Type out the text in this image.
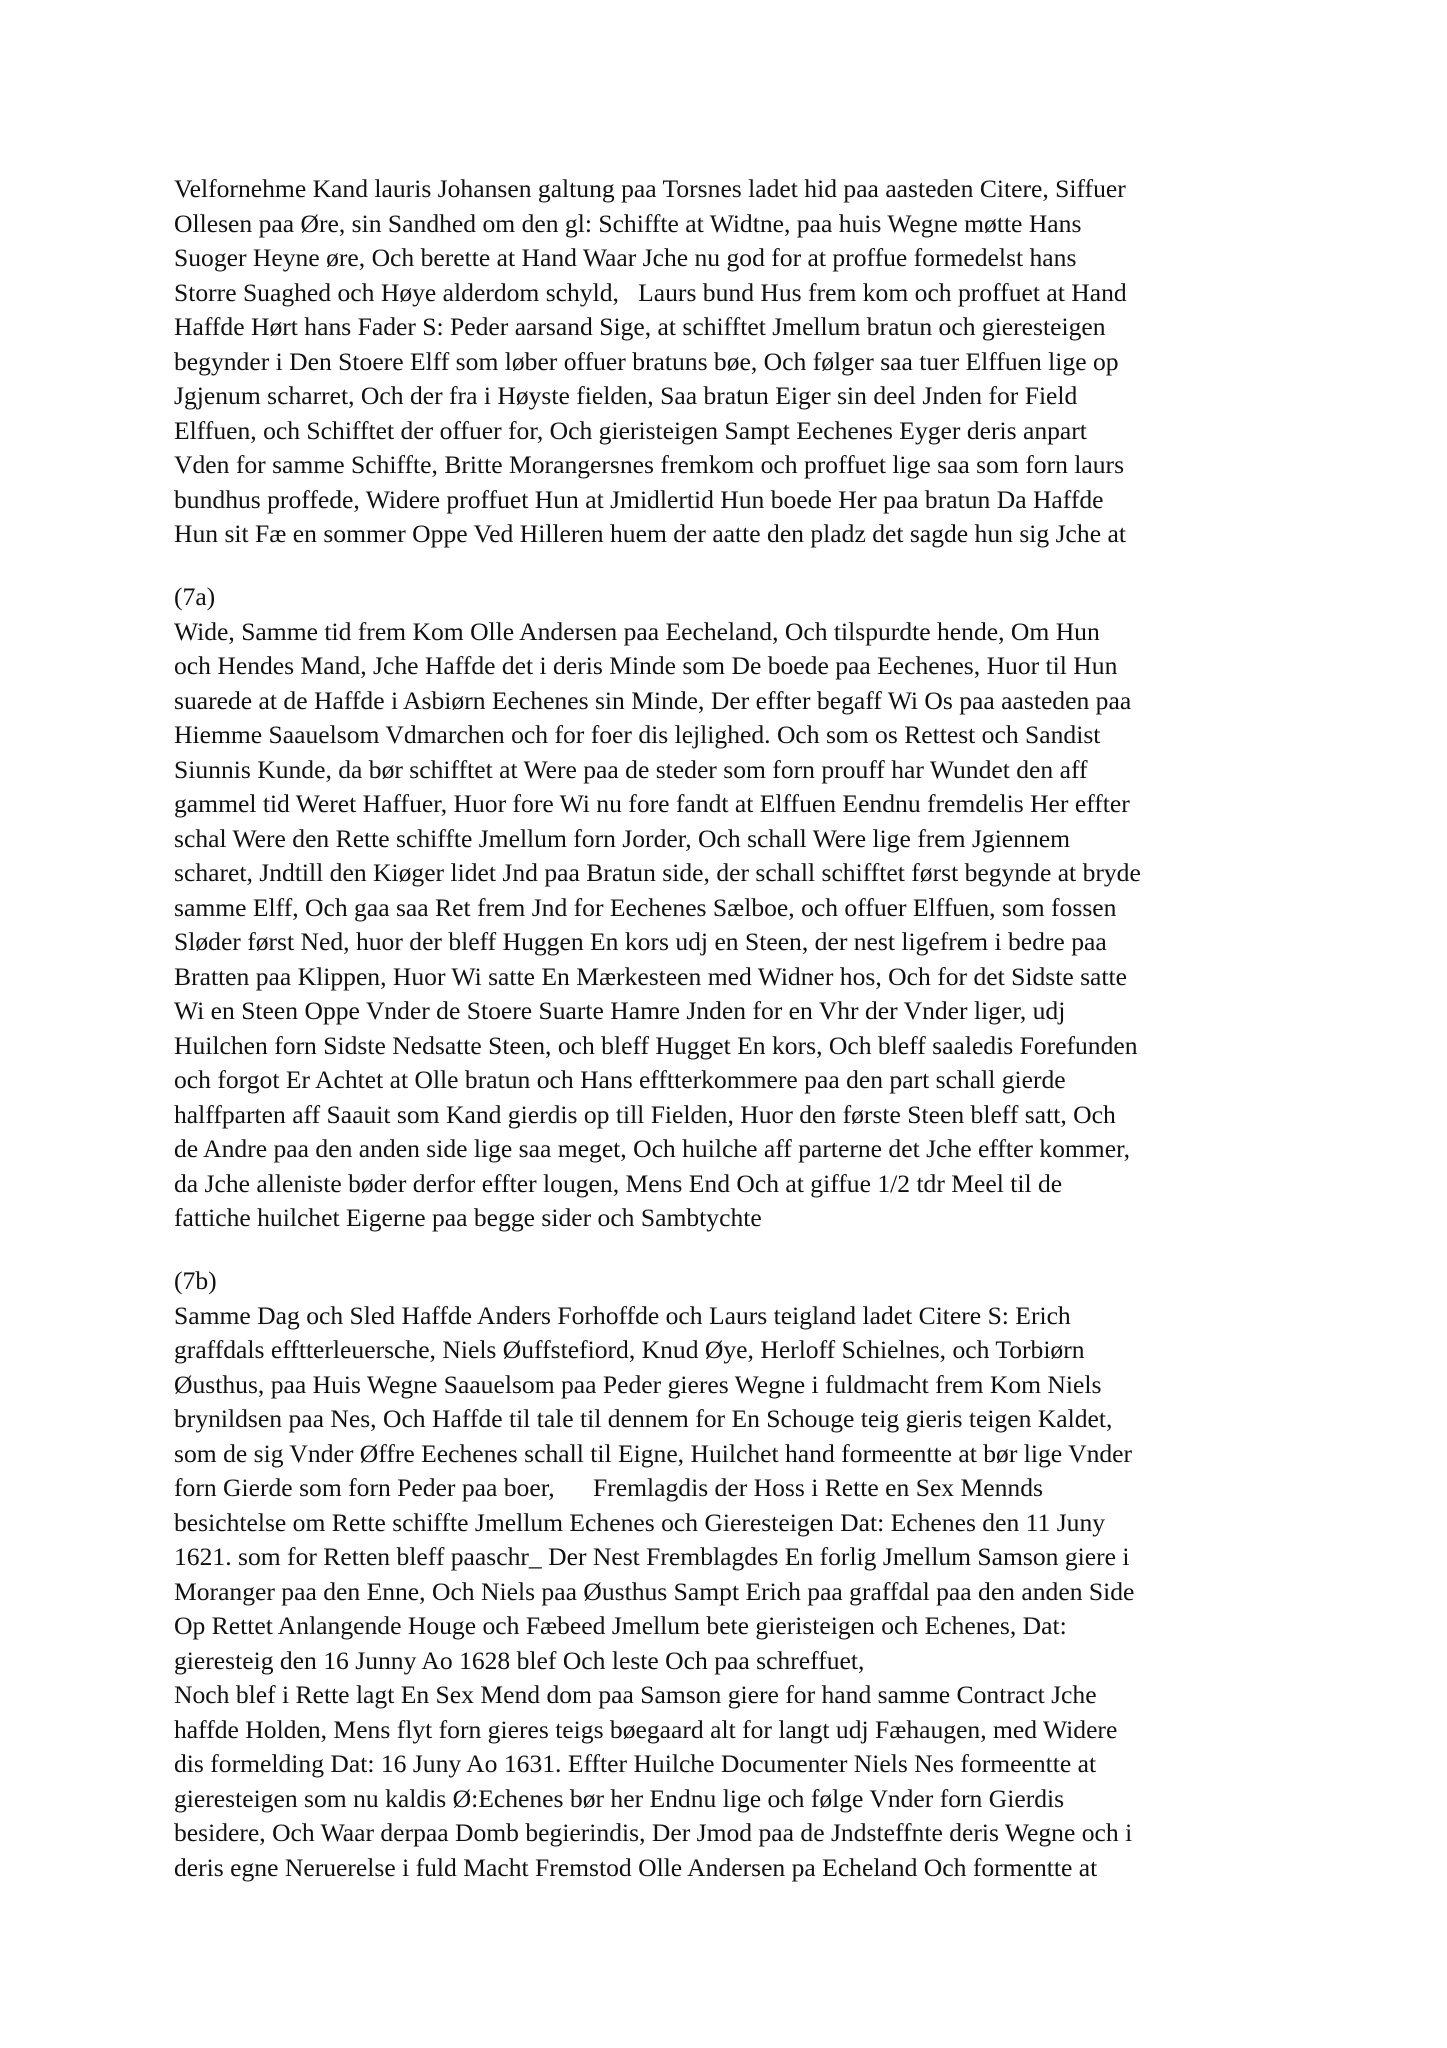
Velfornehme Kand lauris Johansen galtung paa Torsnes ladet hid paa aasteden Citere, Siffuer
Ollesen paa Øre, sin Sandhed om den gl: Schiffte at Widtne, paa huis Wegne møtte Hans
Suoger Heyne øre, Och berette at Hand Waar Jche nu god for at proffue formedelst hans
Storre Suaghed och Høye alderdom schyld,   Laurs bund Hus frem kom och proffuet at Hand
Haffde Hørt hans Fader S: Peder aarsand Sige, at schifftet Jmellum bratun och gieresteigen
begynder i Den Stoere Elff som løber offuer bratuns bøe, Och følger saa tuer Elffuen lige op
Jgjenum scharret, Och der fra i Høyste fielden, Saa bratun Eiger sin deel Jnden for Field
Elffuen, och Schifftet der offuer for, Och gieristeigen Sampt Eechenes Eyger deris anpart
Vden for samme Schiffte, Britte Morangersnes fremkom och proffuet lige saa som forn laurs
bundhus proffede, Widere proffuet Hun at Jmidlertid Hun boede Her paa bratun Da Haffde
Hun sit Fæ en sommer Oppe Ved Hilleren huem der aatte den pladz det sagde hun sig Jche at
(7a)
Wide, Samme tid frem Kom Olle Andersen paa Eecheland, Och tilspurdte hende, Om Hun
och Hendes Mand, Jche Haffde det i deris Minde som De boede paa Eechenes, Huor til Hun
suarede at de Haffde i Asbiørn Eechenes sin Minde, Der effter begaff Wi Os paa aasteden paa
Hiemme Saauelsom Vdmarchen och for foer dis lejlighed. Och som os Rettest och Sandist
Siunnis Kunde, da bør schifftet at Were paa de steder som forn prouff har Wundet den aff
gammel tid Weret Haffuer, Huor fore Wi nu fore fandt at Elffuen Eendnu fremdelis Her effter
schal Were den Rette schiffte Jmellum forn Jorder, Och schall Were lige frem Jgiennem
scharet, Jndtill den Kiøger lidet Jnd paa Bratun side, der schall schifftet først begynde at bryde
samme Elff, Och gaa saa Ret frem Jnd for Eechenes Sælboe, och offuer Elffuen, som fossen
Sløder først Ned, huor der bleff Huggen En kors udj en Steen, der nest ligefrem i bedre paa
Bratten paa Klippen, Huor Wi satte En Mærkesteen med Widner hos, Och for det Sidste satte
Wi en Steen Oppe Vnder de Stoere Suarte Hamre Jnden for en Vhr der Vnder liger, udj
Huilchen forn Sidste Nedsatte Steen, och bleff Hugget En kors, Och bleff saaledis Forefunden
och forgot Er Achtet at Olle bratun och Hans efftterkommere paa den part schall gierde
halffparten aff Saauit som Kand gierdis op till Fielden, Huor den første Steen bleff satt, Och
de Andre paa den anden side lige saa meget, Och huilche aff parterne det Jche effter kommer,
da Jche alleniste bøder derfor effter lougen, Mens End Och at giffue 1/2 tdr Meel til de
fattiche huilchet Eigerne paa begge sider och Sambtychte
(7b)
Samme Dag och Sled Haffde Anders Forhoffde och Laurs teigland ladet Citere S: Erich
graffdals efftterleuersche, Niels Øuffstefiord, Knud Øye, Herloff Schielnes, och Torbiørn
Øusthus, paa Huis Wegne Saauelsom paa Peder gieres Wegne i fuldmacht frem Kom Niels
brynildsen paa Nes, Och Haffde til tale til dennem for En Schouge teig gieris teigen Kaldet,
som de sig Vnder Øffre Eechenes schall til Eigne, Huilchet hand formeentte at bør lige Vnder
forn Gierde som forn Peder paa boer,      Fremlagdis der Hoss i Rette en Sex Mennds
besichtelse om Rette schiffte Jmellum Echenes och Gieresteigen Dat: Echenes den 11 Juny
1621. som for Retten bleff paaschr_ Der Nest Fremblagdes En forlig Jmellum Samson giere i
Moranger paa den Enne, Och Niels paa Øusthus Sampt Erich paa graffdal paa den anden Side
Op Rettet Anlangende Houge och Fæbeed Jmellum bete gieristeigen och Echenes, Dat:
gieresteig den 16 Junny Ao 1628 blef Och leste Och paa schreffuet,
Noch blef i Rette lagt En Sex Mend dom paa Samson giere for hand samme Contract Jche
haffde Holden, Mens flyt forn gieres teigs bøegaard alt for langt udj Fæhaugen, med Widere
dis formelding Dat: 16 Juny Ao 1631. Effter Huilche Documenter Niels Nes formeentte at
gieresteigen som nu kaldis Ø:Echenes bør her Endnu lige och følge Vnder forn Gierdis
besidere, Och Waar derpaa Domb begierindis, Der Jmod paa de Jndsteffnte deris Wegne och i
deris egne Neruerelse i fuld Macht Fremstod Olle Andersen pa Echeland Och formentte at
